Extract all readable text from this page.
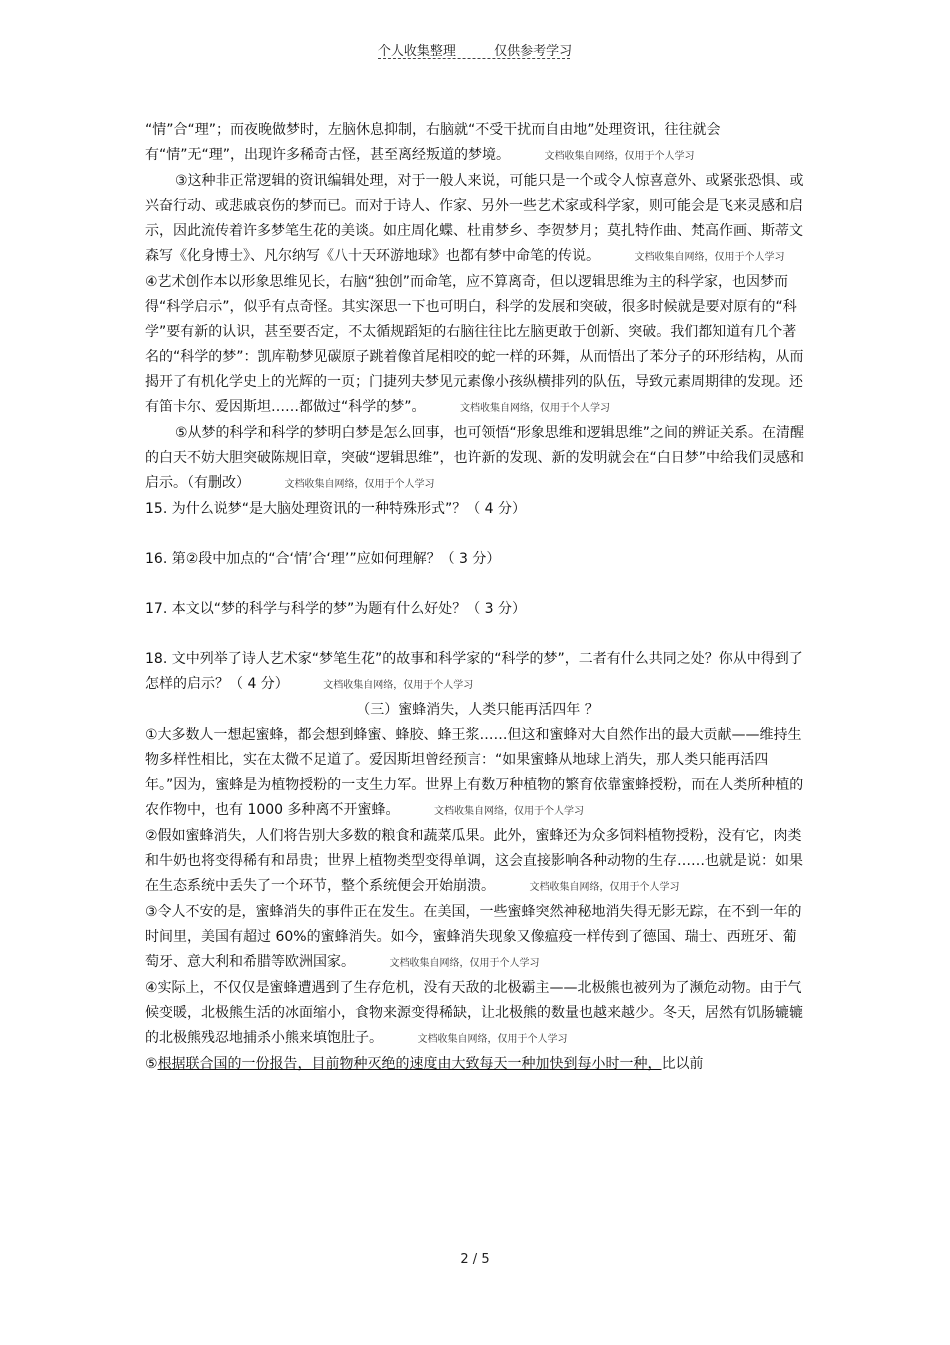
个人收集整理	仅供参考学习

“情”合“理”；而夜晚做梦时，左脑休息抑制，右脑就“不受干扰而自由地”处理资讯，往往就会有“情”无“理”，出现许多稀奇古怪，甚至离经叛道的梦境。	文档收集自网络，仅用于个人学习

③这种非正常逻辑的资讯编辑处理，对于一般人来说，可能只是一个或令人惊喜意外、或紧张恐惧、或兴奋行动、或悲戚哀伤的梦而已。而对于诗人、作家、另外一些艺术家或科学家，则可能会是飞来灵感和启示，因此流传着许多梦笔生花的美谈。如庄周化蝶、杜甫梦乡、李贺梦月；莫扎特作曲、梵高作画、斯蒂文森写《化身博士》、凡尔纳写《八十天环游地球》也都有梦中命笔的传说。	文档收集自网络，仅用于个人学习

④艺术创作本以形象思维见长，右脑“独创”而命笔，应不算离奇，但以逻辑思维为主的科学家，也因梦而得“科学启示”，似乎有点奇怪。其实深思一下也可明白，科学的发展和突破，很多时候就是要对原有的“科学”要有新的认识，甚至要否定，不太循规蹈矩的右脑往往比左脑更敢于创新、突破。我们都知道有几个著名的“科学的梦”：凯库勒梦见碳原子跳着像首尾相咬的蛇一样的环舞，从而悟出了苯分子的环形结构，从而揭开了有机化学史上的光辉的一页；门捷列夫梦见元素像小孩纵横排列的队伍，导致元素周期律的发现。还有笛卡尔、爱因斯坦……都做过“科学的梦”。	文档收集自网络，仅用于个人学习

⑤从梦的科学和科学的梦明白梦是怎么回事，也可领悟“形象思维和逻辑思维”之间的辨证关系。在清醒的白天不妨大胆突破陈规旧章，突破“逻辑思维”，也许新的发现、新的发明就会在“白日梦”中给我们灵感和启示。（有删改）	文档收集自网络，仅用于个人学习

15. 为什么说梦“是大脑处理资讯的一种特殊形式”？（ 4 分）

16. 第②段中加点的“合‘情’合‘理’”应如何理解？（ 3 分）

17. 本文以“梦的科学与科学的梦”为题有什么好处？（ 3 分）

18. 文中列举了诗人艺术家“梦笔生花”的故事和科学家的“科学的梦”，二者有什么共同之处？你从中得到了怎样的启示？（ 4 分）	文档收集自网络，仅用于个人学习

（三）蜜蜂消失，人类只能再活四年 ？

①大多数人一想起蜜蜂，都会想到蜂蜜、蜂胶、蜂王浆……但这和蜜蜂对大自然作出的最大贡献——维持生物多样性相比，实在太微不足道了。爱因斯坦曾经预言：“如果蜜蜂从地球上消失，那人类只能再活四年。”因为，蜜蜂是为植物授粉的一支生力军。世界上有数万种植物的繁育依靠蜜蜂授粉，而在人类所种植的农作物中，也有 1000 多种离不开蜜蜂。	文档收集自网络，仅用于个人学习

②假如蜜蜂消失，人们将告别大多数的粮食和蔬菜瓜果。此外，蜜蜂还为众多饲料植物授粉，没有它，肉类和牛奶也将变得稀有和昂贵；世界上植物类型变得单调，这会直接影响各种动物的生存……也就是说：如果在生态系统中丢失了一个环节，整个系统便会开始崩溃。	文档收集自网络，仅用于个人学习

③令人不安的是，蜜蜂消失的事件正在发生。在美国，一些蜜蜂突然神秘地消失得无影无踪，在不到一年的时间里，美国有超过 60%的蜜蜂消失。如今，蜜蜂消失现象又像瘟疫一样传到了德国、瑞士、西班牙、葡萄牙、意大利和希腊等欧洲国家。	文档收集自网络，仅用于个人学习

④实际上，不仅仅是蜜蜂遭遇到了生存危机，没有天敌的北极霸主——北极熊也被列为了濒危动物。由于气候变暖，北极熊生活的冰面缩小，食物来源变得稀缺，让北极熊的数量也越来越少。冬天，居然有饥肠辘辘的北极熊残忍地捕杀小熊来填饱肚子。	文档收集自网络，仅用于个人学习

⑤根据联合国的一份报告，目前物种灭绝的速度由大致每天一种加快到每小时一种，比以前

2 / 5
